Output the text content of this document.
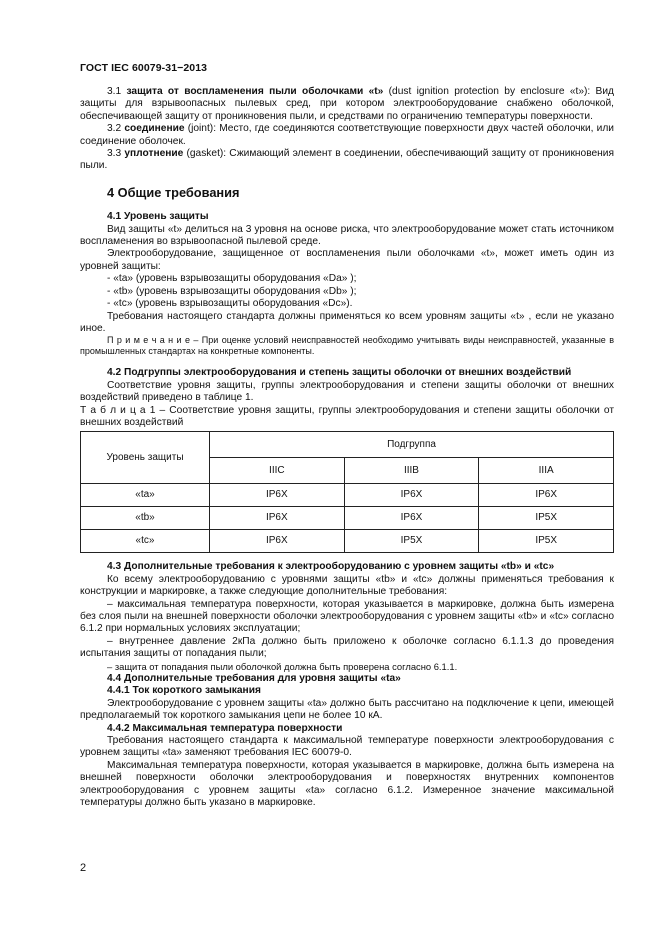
ГОСТ IEC 60079-31−2013

3.1 защита от воспламенения пыли оболочками «t» (dust ignition protection by enclosure «t»): Вид защиты для взрывоопасных пылевых сред, при котором электрооборудование снабжено оболочкой, обеспечивающей защиту от проникновения пыли, и средствами по ограничению температуры поверхности.

3.2 соединение (joint): Место, где соединяются соответствующие поверхности двух частей оболочки, или соединение оболочек.

3.3 уплотнение (gasket): Сжимающий элемент в соединении, обеспечивающий защиту от проникновения пыли.

4 Общие требования

4.1 Уровень защиты

Вид защиты «t» делиться на 3 уровня на основе риска, что электрооборудование может стать источником воспламенения во взрывоопасной пылевой среде.

Электрооборудование, защищенное от воспламенения пыли оболочками «t», может иметь один из уровней защиты:

- «ta» (уровень взрывозащиты оборудования «Da» );

- «tb» (уровень взрывозащиты оборудования «Db» );

- «tc» (уровень взрывозащиты оборудования «Dc»).

Требования настоящего стандарта должны применяться ко всем уровням защиты «t» , если не указано иное.

П р и м е ч а н и е – При оценке условий неисправностей необходимо учитывать виды неисправностей, указанные в промышленных стандартах на конкретные компоненты.

4.2 Подгруппы электрооборудования и степень защиты оболочки от внешних воздействий

Соответствие уровня защиты, группы электрооборудования и степени защиты оболочки от внешних воздействий приведено в таблице 1.

Т а б л и ц а 1 – Соответствие уровня защиты, группы электрооборудования и степени защиты оболочки от внешних воздействий

Уровень защиты	Подгруппа		
	IIIC	IIIB	IIIA
«ta»	IP6X	IP6X	IP6X
«tb»	IP6X	IP6X	IP5X
«tc»	IP6X	IP5X	IP5X

4.3 Дополнительные требования к электрооборудованию с уровнем защиты «tb» и «tc»

Ко всему электрооборудованию с уровнями защиты «tb» и «tc» должны применяться требования к конструкции и маркировке, а также следующие дополнительные требования:

– максимальная температура поверхности, которая указывается в маркировке, должна быть измерена без слоя пыли на внешней поверхности оболочки электрооборудования с уровнем защиты «tb» и «tc» согласно 6.1.2 при нормальных условиях эксплуатации;

– внутреннее давление 2кПа должно быть приложено к оболочке согласно 6.1.1.3 до проведения испытания защиты от попадания пыли;

– защита от попадания пыли оболочкой должна быть проверена согласно 6.1.1.

4.4 Дополнительные требования для уровня защиты «ta»

4.4.1 Ток короткого замыкания

Электрооборудование с уровнем защиты «ta» должно быть рассчитано на подключение к цепи, имеющей предполагаемый ток короткого замыкания цепи не более 10 кА.

4.4.2 Максимальная температура поверхности

Требования настоящего стандарта к максимальной температуре поверхности электрооборудования с уровнем защиты «ta» заменяют требования IEC 60079-0.

Максимальная температура поверхности, которая указывается в маркировке, должна быть измерена на внешней поверхности оболочки электрооборудования и поверхностях внутренних компонентов электрооборудования с уровнем защиты «ta» согласно 6.1.2. Измеренное значение максимальной температуры должно быть указано в маркировке.

2
